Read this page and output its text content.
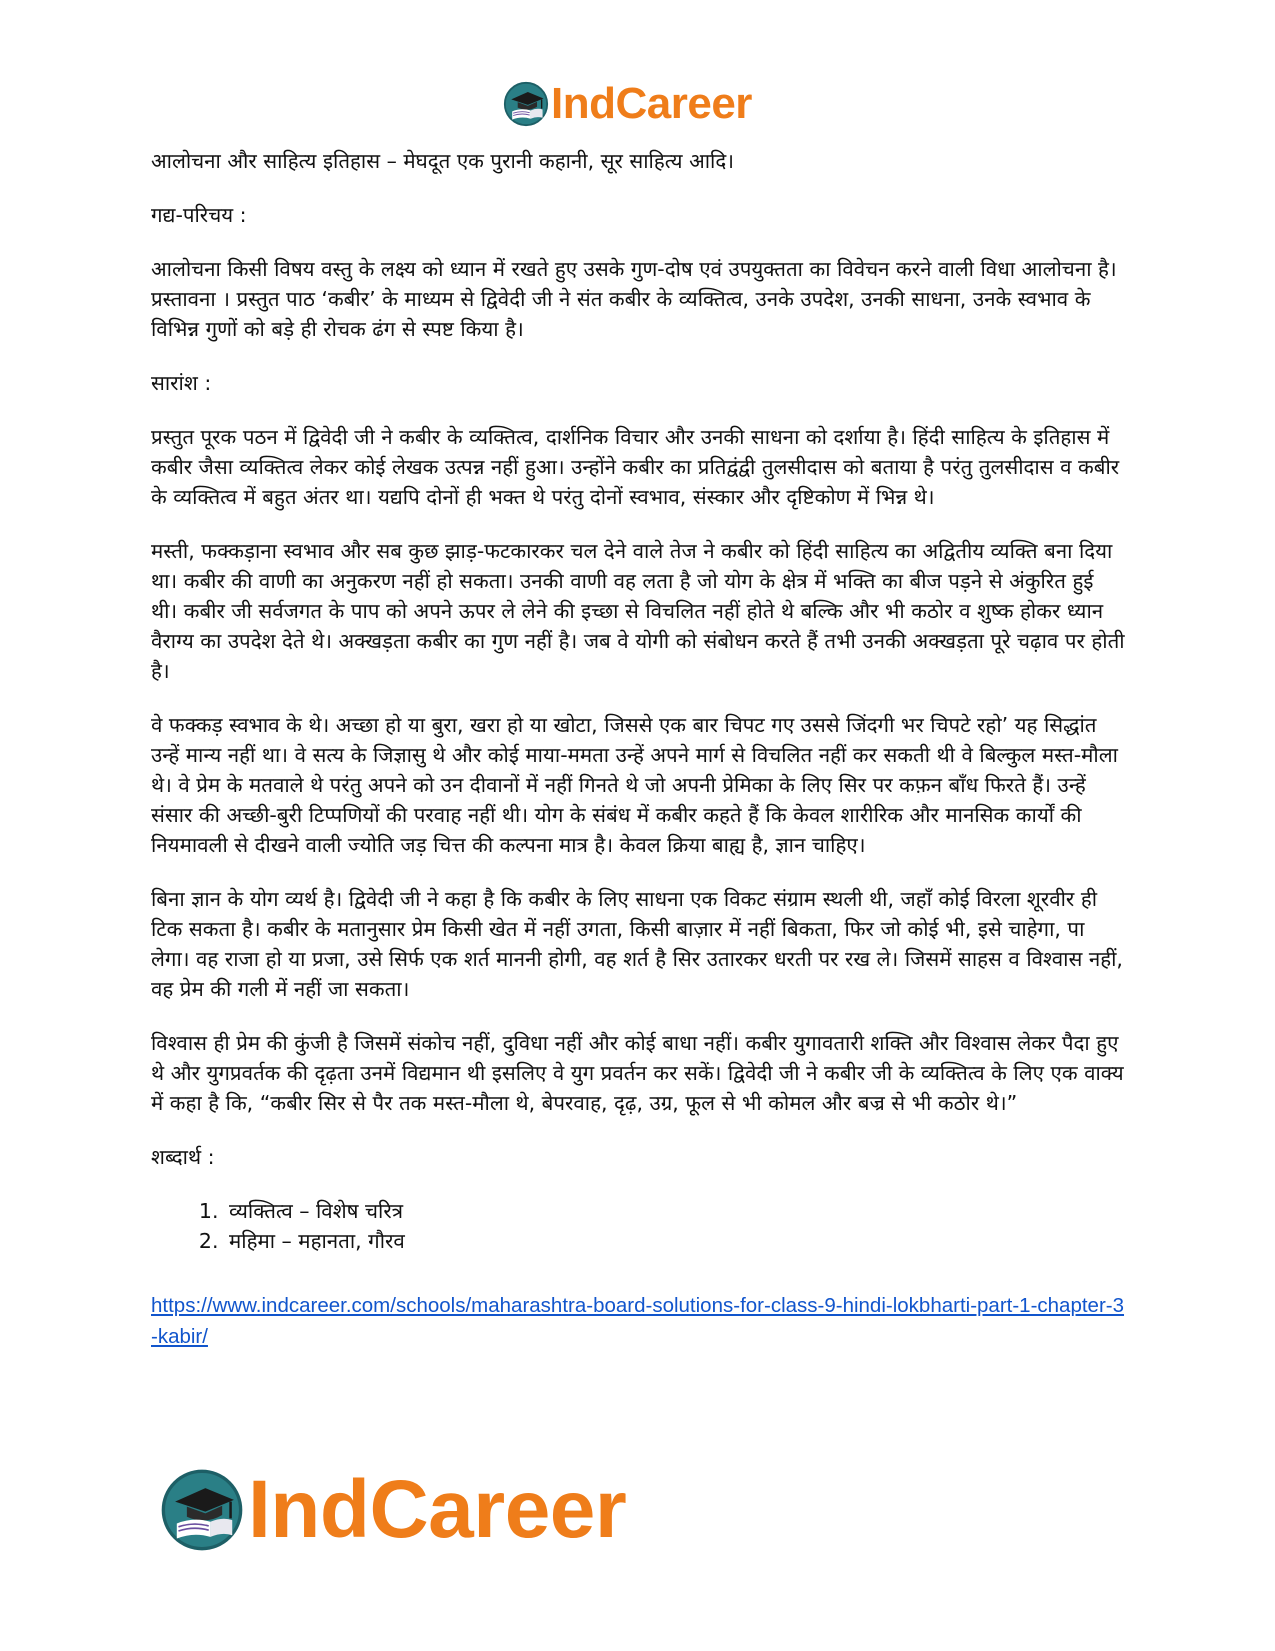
IndCareer

आलोचना और साहित्य इतिहास – मेघदूत एक पुरानी कहानी, सूर साहित्य आदि।

गद्य-परिचय :

आलोचना किसी विषय वस्तु के लक्ष्य को ध्यान में रखते हुए उसके गुण-दोष एवं उपयुक्तता का विवेचन करने वाली विधा आलोचना है। प्रस्तावना । प्रस्तुत पाठ ‘कबीर’ के माध्यम से द्विवेदी जी ने संत कबीर के व्यक्तित्व, उनके उपदेश, उनकी साधना, उनके स्वभाव के विभिन्न गुणों को बड़े ही रोचक ढंग से स्पष्ट किया है।

सारांश :

प्रस्तुत पूरक पठन में द्विवेदी जी ने कबीर के व्यक्तित्व, दार्शनिक विचार और उनकी साधना को दर्शाया है। हिंदी साहित्य के इतिहास में कबीर जैसा व्यक्तित्व लेकर कोई लेखक उत्पन्न नहीं हुआ। उन्होंने कबीर का प्रतिद्वंद्वी तुलसीदास को बताया है परंतु तुलसीदास व कबीर के व्यक्तित्व में बहुत अंतर था। यद्यपि दोनों ही भक्त थे परंतु दोनों स्वभाव, संस्कार और दृष्टिकोण में भिन्न थे।

मस्ती, फक्कड़ाना स्वभाव और सब कुछ झाड़-फटकारकर चल देने वाले तेज ने कबीर को हिंदी साहित्य का अद्वितीय व्यक्ति बना दिया था। कबीर की वाणी का अनुकरण नहीं हो सकता। उनकी वाणी वह लता है जो योग के क्षेत्र में भक्ति का बीज पड़ने से अंकुरित हुई थी। कबीर जी सर्वजगत के पाप को अपने ऊपर ले लेने की इच्छा से विचलित नहीं होते थे बल्कि और भी कठोर व शुष्क होकर ध्यान वैराग्य का उपदेश देते थे। अक्खड़ता कबीर का गुण नहीं है। जब वे योगी को संबोधन करते हैं तभी उनकी अक्खड़ता पूरे चढ़ाव पर होती है।

वे फक्कड़ स्वभाव के थे। अच्छा हो या बुरा, खरा हो या खोटा, जिससे एक बार चिपट गए उससे जिंदगी भर चिपटे रहो’ यह सिद्धांत उन्हें मान्य नहीं था। वे सत्य के जिज्ञासु थे और कोई माया-ममता उन्हें अपने मार्ग से विचलित नहीं कर सकती थी वे बिल्कुल मस्त-मौला थे। वे प्रेम के मतवाले थे परंतु अपने को उन दीवानों में नहीं गिनते थे जो अपनी प्रेमिका के लिए सिर पर कफ़न बाँध फिरते हैं। उन्हें संसार की अच्छी-बुरी टिप्पणियों की परवाह नहीं थी। योग के संबंध में कबीर कहते हैं कि केवल शारीरिक और मानसिक कार्यों की नियमावली से दीखने वाली ज्योति जड़ चित्त की कल्पना मात्र है। केवल क्रिया बाह्य है, ज्ञान चाहिए।

बिना ज्ञान के योग व्यर्थ है। द्विवेदी जी ने कहा है कि कबीर के लिए साधना एक विकट संग्राम स्थली थी, जहाँ कोई विरला शूरवीर ही टिक सकता है। कबीर के मतानुसार प्रेम किसी खेत में नहीं उगता, किसी बाज़ार में नहीं बिकता, फिर जो कोई भी, इसे चाहेगा, पा लेगा। वह राजा हो या प्रजा, उसे सिर्फ एक शर्त माननी होगी, वह शर्त है सिर उतारकर धरती पर रख ले। जिसमें साहस व विश्वास नहीं, वह प्रेम की गली में नहीं जा सकता।

विश्वास ही प्रेम की कुंजी है जिसमें संकोच नहीं, दुविधा नहीं और कोई बाधा नहीं। कबीर युगावतारी शक्ति और विश्वास लेकर पैदा हुए थे और युगप्रवर्तक की दृढ़ता उनमें विद्यमान थी इसलिए वे युग प्रवर्तन कर सकें। द्विवेदी जी ने कबीर जी के व्यक्तित्व के लिए एक वाक्य में कहा है कि, “कबीर सिर से पैर तक मस्त-मौला थे, बेपरवाह, दृढ़, उग्र, फूल से भी कोमल और बज्र से भी कठोर थे।”

शब्दार्थ :

1. व्यक्तित्व – विशेष चरित्र
2. महिमा – महानता, गौरव

https://www.indcareer.com/schools/maharashtra-board-solutions-for-class-9-hindi-lokbharti-part-1-chapter-3-kabir/

IndCareer
